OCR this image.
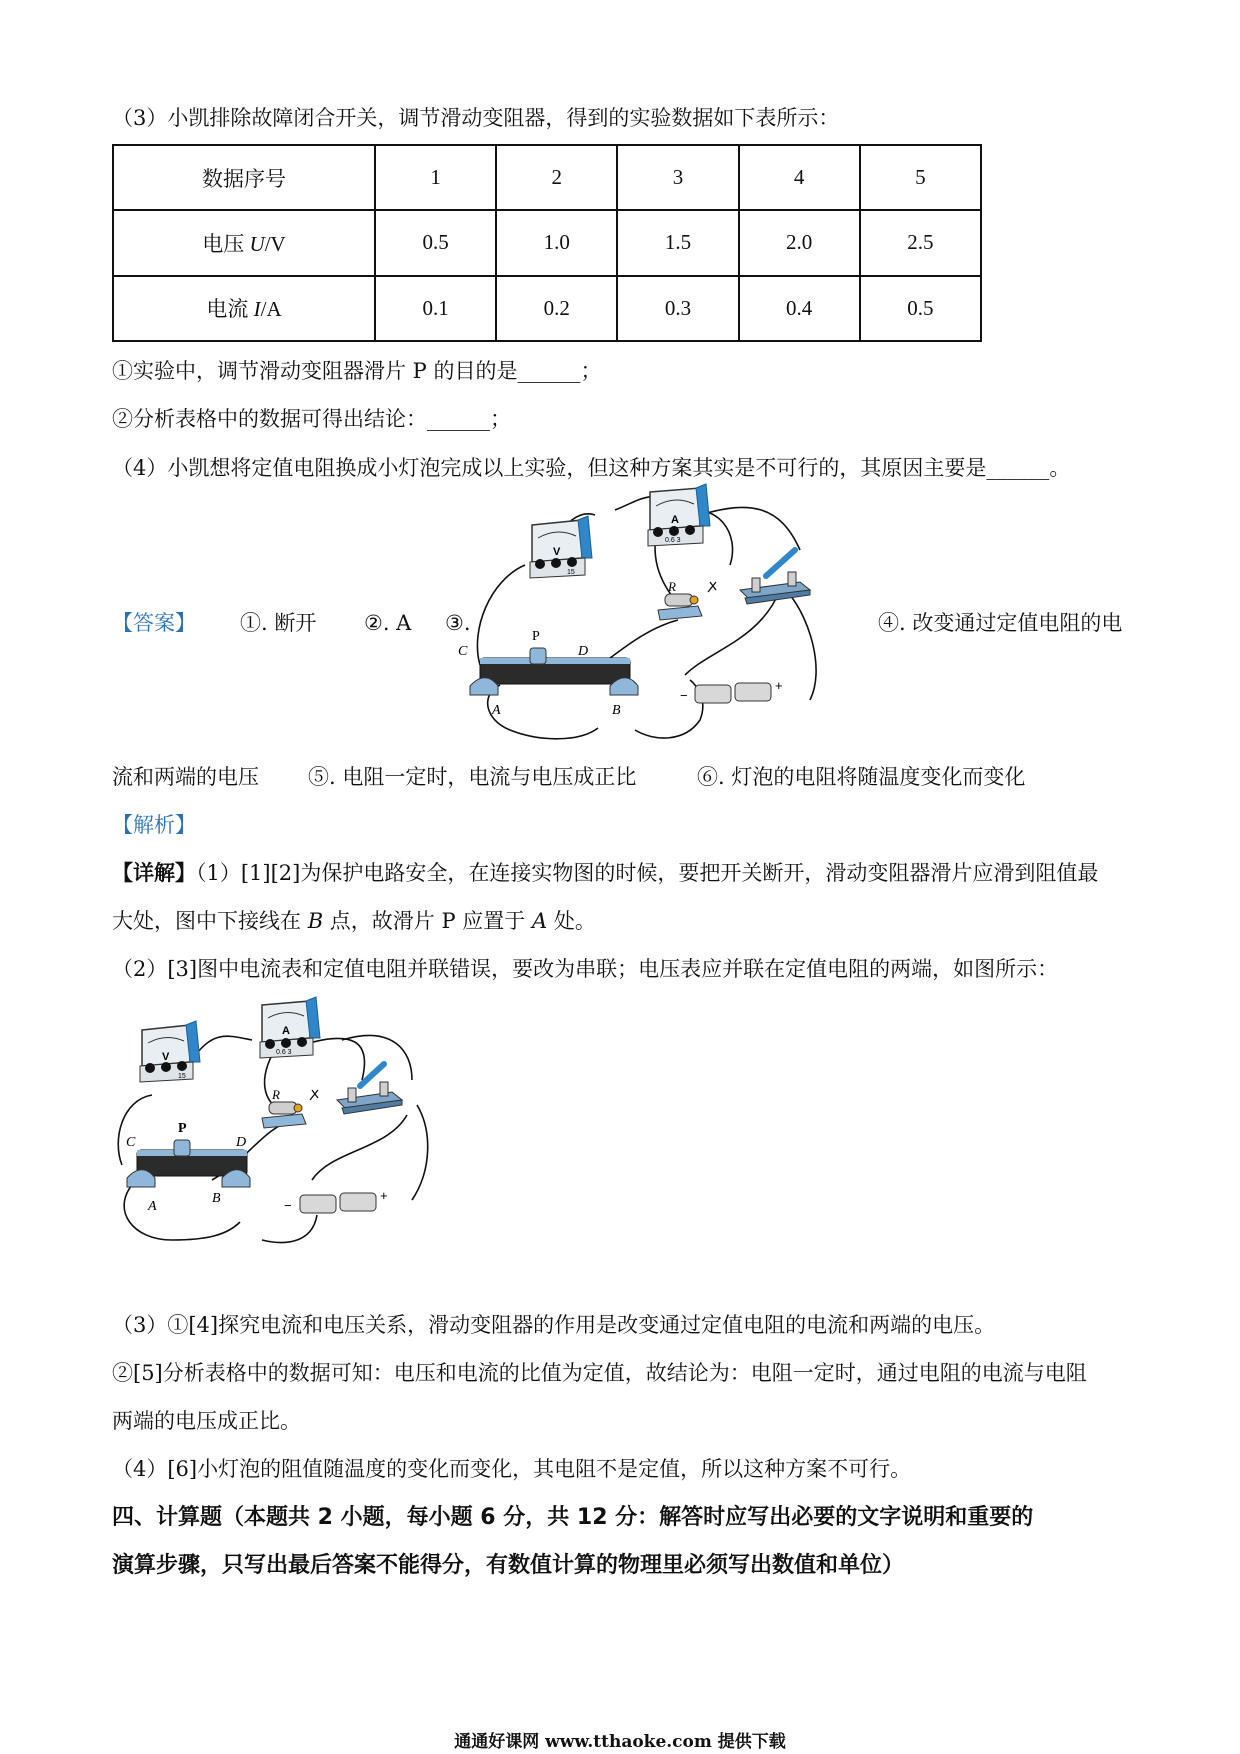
（3）小凯排除故障闭合开关，调节滑动变阻器，得到的实验数据如下表所示：
数据序号	1	2	3	4	5
电压 U/V	0.5	1.0	1.5	2.0	2.5
电流 I/A	0.1	0.2	0.3	0.4	0.5
①实验中，调节滑动变阻器滑片 P 的目的是______；
②分析表格中的数据可得出结论：______；
（4）小凯想将定值电阻换成小灯泡完成以上实验，但这种方案其实是不可行的，其原因主要是______。
【答案】 ①. 断开 ②. A ③.	④. 改变通过定值电阻的电
V
15
A
0.6 3
R
C
P
D
A	B
−
+
流和两端的电压 ⑤. 电阻一定时，电流与电压成正比	⑥. 灯泡的电阻将随温度变化而变化
【解析】
【详解】（1）[1][2]为保护电路安全，在连接实物图的时候，要把开关断开，滑动变阻器滑片应滑到阻值最
大处，图中下接线在 B 点，故滑片 P 应置于 A 处。
（2）[3]图中电流表和定值电阻并联错误，要改为串联；电压表应并联在定值电阻的两端，如图所示：
V
15
A
0.6 3
R
C
P
D
A
B	−
+
（3）①[4]探究电流和电压关系，滑动变阻器的作用是改变通过定值电阻的电流和两端的电压。
②[5]分析表格中的数据可知：电压和电流的比值为定值，故结论为：电阻一定时，通过电阻的电流与电阻
两端的电压成正比。
（4）[6]小灯泡的阻值随温度的变化而变化，其电阻不是定值，所以这种方案不可行。
四、计算题（本题共 2 小题，每小题 6 分，共 12 分：解答时应写出必要的文字说明和重要的
演算步骤，只写出最后答案不能得分，有数值计算的物理里必须写出数值和单位）
通通好课网 www.tthaoke.com 提供下载
